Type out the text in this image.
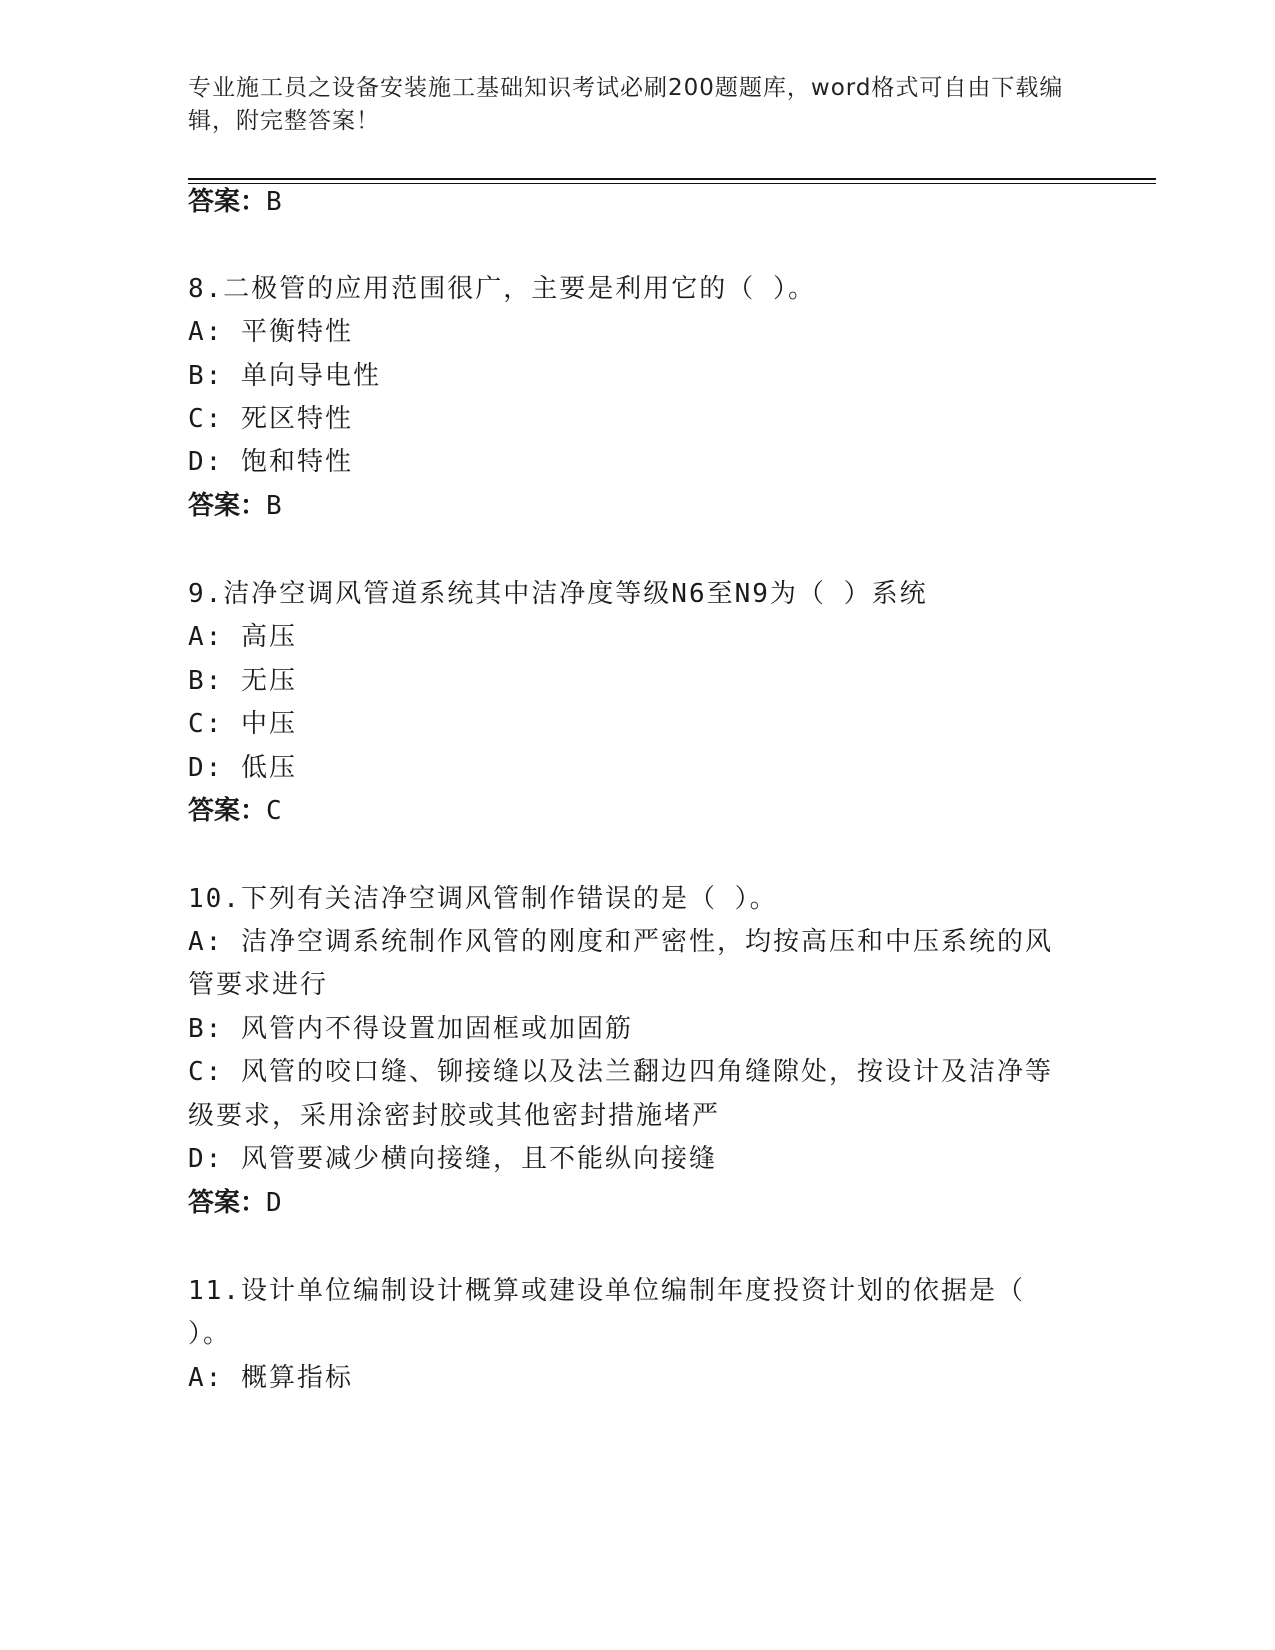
专业施工员之设备安装施工基础知识考试必刷200题题库，word格式可自由下载编辑，附完整答案！
答案：B
8.二极管的应用范围很广，主要是利用它的（ ）。
A: 平衡特性
B: 单向导电性
C: 死区特性
D: 饱和特性
答案：B
9.洁净空调风管道系统其中洁净度等级N6至N9为（ ）系统
A: 高压
B: 无压
C: 中压
D: 低压
答案：C
10.下列有关洁净空调风管制作错误的是（ ）。
A: 洁净空调系统制作风管的刚度和严密性，均按高压和中压系统的风
管要求进行
B: 风管内不得设置加固框或加固筋
C: 风管的咬口缝、铆接缝以及法兰翻边四角缝隙处，按设计及洁净等
级要求，采用涂密封胶或其他密封措施堵严
D: 风管要减少横向接缝，且不能纵向接缝
答案：D
11.设计单位编制设计概算或建设单位编制年度投资计划的依据是（
）。
A: 概算指标
